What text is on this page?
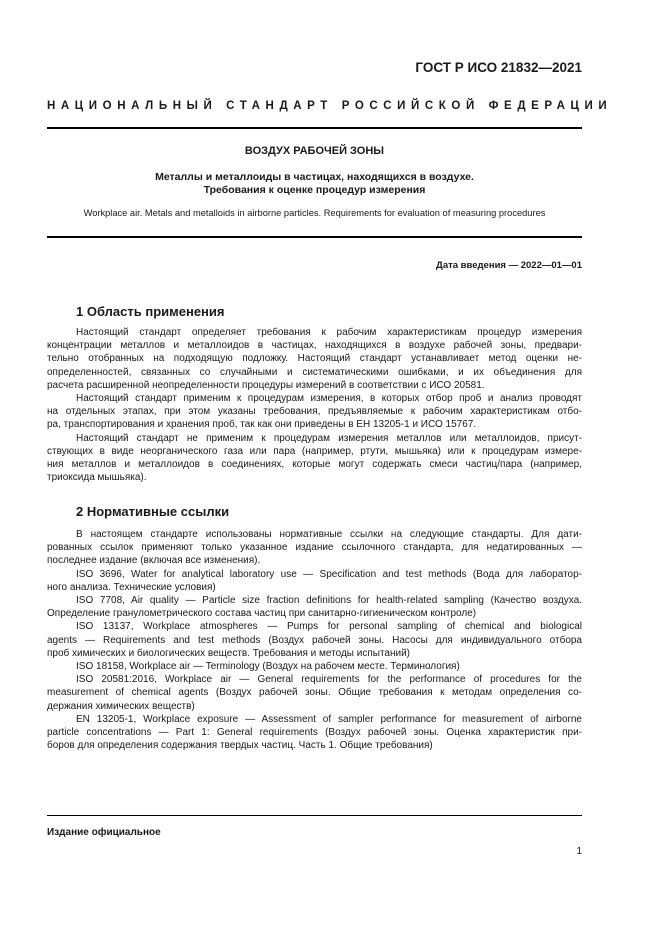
ГОСТ Р ИСО 21832—2021
НАЦИОНАЛЬНЫЙ СТАНДАРТ РОССИЙСКОЙ ФЕДЕРАЦИИ
ВОЗДУХ РАБОЧЕЙ ЗОНЫ
Металлы и металлоиды в частицах, находящихся в воздухе.
Требования к оценке процедур измерения
Workplace air. Metals and metalloids in airborne particles. Requirements for evaluation of measuring procedures
Дата введения — 2022—01—01
1 Область применения
Настоящий стандарт определяет требования к рабочим характеристикам процедур измерения
концентрации металлов и металлоидов в частицах, находящихся в воздухе рабочей зоны, предвари-
тельно отобранных на подходящую подложку. Настоящий стандарт устанавливает метод оценки не-
определенностей, связанных со случайными и систематическими ошибками, и их объединения для
расчета расширенной неопределенности процедуры измерений в соответствии с ИСО 20581.
Настоящий стандарт применим к процедурам измерения, в которых отбор проб и анализ проводят
на отдельных этапах, при этом указаны требования, предъявляемые к рабочим характеристикам отбо-
ра, транспортирования и хранения проб, так как они приведены в ЕН 13205-1 и ИСО 15767.
Настоящий стандарт не применим к процедурам измерения металлов или металлоидов, присут-
ствующих в виде неорганического газа или пара (например, ртути, мышьяка) или к процедурам измере-
ния металлов и металлоидов в соединениях, которые могут содержать смеси частиц/пара (например,
триоксида мышьяка).
2 Нормативные ссылки
В настоящем стандарте использованы нормативные ссылки на следующие стандарты. Для дати-
рованных ссылок применяют только указанное издание ссылочного стандарта, для недатированных —
последнее издание (включая все изменения).
ISO 3696, Water for analytical laboratory use — Specification and test methods (Вода для лаборатор-
ного анализа. Технические условия)
ISO 7708, Air quality — Particle size fraction definitions for health-related sampling (Качество воздуха.
Определение гранулометрического состава частиц при санитарно-гигиеническом контроле)
ISO 13137, Workplace atmospheres — Pumps for personal sampling of chemical and biological
agents — Requirements and test methods (Воздух рабочей зоны. Насосы для индивидуального отбора
проб химических и биологических веществ. Требования и методы испытаний)
ISO 18158, Workplace air — Terminology (Воздух на рабочем месте. Терминология)
ISO 20581:2016, Workplace air — General requirements for the performance of procedures for the
measurement of chemical agents (Воздух рабочей зоны. Общие требования к методам определения со-
держания химических веществ)
EN 13205-1, Workplace exposure — Assessment of sampler performance for measurement of airborne
particle concentrations — Part 1: General requirements (Воздух рабочей зоны. Оценка характеристик при-
боров для определения содержания твердых частиц. Часть 1. Общие требования)
Издание официальное
1
